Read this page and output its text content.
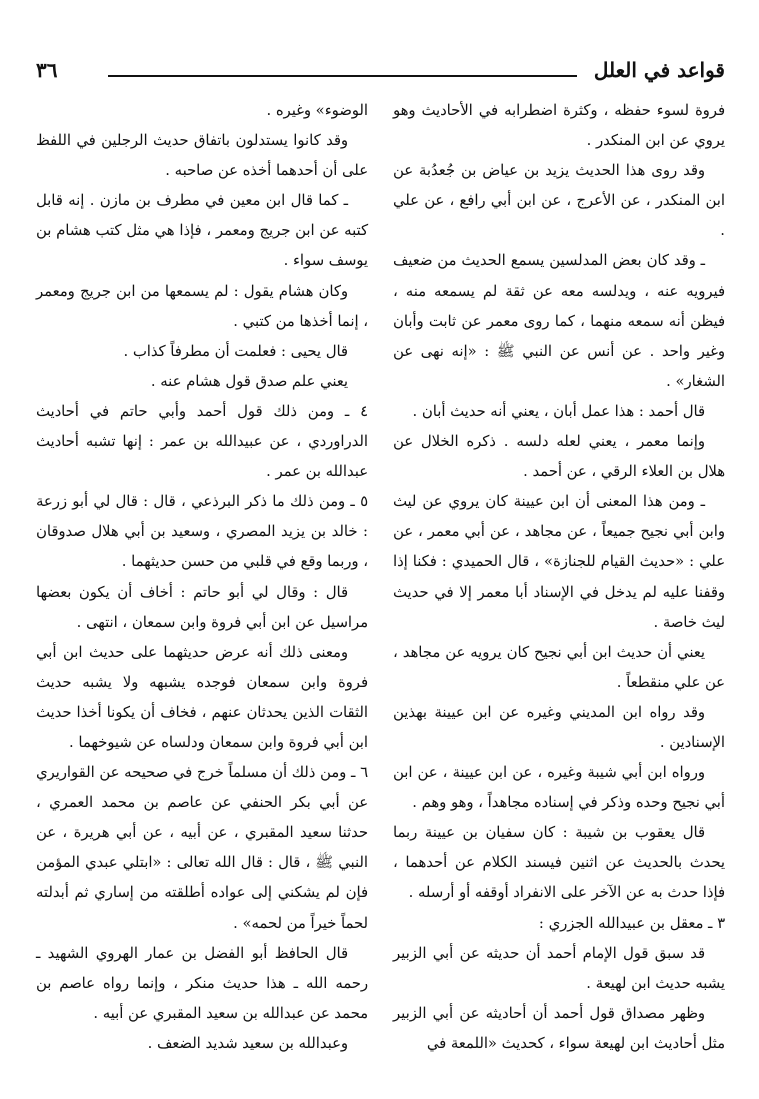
قواعد في العلل
٣٦

فروة لسوء حفظه ، وكثرة اضطرابه في الأحاديث وهو يروي عن ابن المنكدر .

وقد روى هذا الحديث يزيد بن عياض بن جُعدُبة عن ابن المنكدر ، عن الأعرج ، عن ابن أبي رافع ، عن علي .

ـ وقد كان بعض المدلسين يسمع الحديث من ضعيف فيرويه عنه ، ويدلسه معه عن ثقة لم يسمعه منه ، فيظن أنه سمعه منهما ، كما روى معمر عن ثابت وأبان وغير واحد . عن أنس عن النبي ﷺ : «إنه نهى عن الشغار» .

قال أحمد : هذا عمل أبان ، يعني أنه حديث أبان .

وإنما معمر ، يعني لعله دلسه . ذكره الخلال عن هلال بن العلاء الرقي ، عن أحمد .

ـ ومن هذا المعنى أن ابن عيينة كان يروي عن ليث وابن أبي نجيح جميعاً ، عن مجاهد ، عن أبي معمر ، عن علي : «حديث القيام للجنازة» ، قال الحميدي : فكنا إذا وقفنا عليه لم يدخل في الإسناد أبا معمر إلا في حديث ليث خاصة .

يعني أن حديث ابن أبي نجيح كان يرويه عن مجاهد ، عن علي منقطعاً .

وقد رواه ابن المديني وغيره عن ابن عيينة بهذين الإسنادين .

ورواه ابن أبي شيبة وغيره ، عن ابن عيينة ، عن ابن أبي نجيح وحده وذكر في إسناده مجاهداً ، وهو وهم .

قال يعقوب بن شيبة : كان سفيان بن عيينة ربما يحدث بالحديث عن اثنين فيسند الكلام عن أحدهما ، فإذا حدث به عن الآخر على الانفراد أوقفه أو أرسله .

٣ ـ معقل بن عبيدالله الجزري :

قد سبق قول الإمام أحمد أن حديثه عن أبي الزبير يشبه حديث ابن لهيعة .

وظهر مصداق قول أحمد أن أحاديثه عن أبي الزبير مثل أحاديث ابن لهيعة سواء ، كحديث «اللمعة في

الوضوء» وغيره .

وقد كانوا يستدلون باتفاق حديث الرجلين في اللفظ على أن أحدهما أخذه عن صاحبه .

ـ كما قال ابن معين في مطرف بن مازن . إنه قابل كتبه عن ابن جريج ومعمر ، فإذا هي مثل كتب هشام بن يوسف سواء .

وكان هشام يقول : لم يسمعها من ابن جريج ومعمر ، إنما أخذها من كتبي .

قال يحيى : فعلمت أن مطرفاً كذاب .

يعني علم صدق قول هشام عنه .

٤ ـ ومن ذلك قول أحمد وأبي حاتم في أحاديث الدراوردي ، عن عبيدالله بن عمر : إنها تشبه أحاديث عبدالله بن عمر .

٥ ـ ومن ذلك ما ذكر البرذعي ، قال : قال لي أبو زرعة : خالد بن يزيد المصري ، وسعيد بن أبي هلال صدوقان ، وربما وقع في قلبي من حسن حديثهما .

قال : وقال لي أبو حاتم : أخاف أن يكون بعضها مراسيل عن ابن أبي فروة وابن سمعان ، انتهى .

ومعنى ذلك أنه عرض حديثهما على حديث ابن أبي فروة وابن سمعان فوجده يشبهه ولا يشبه حديث الثقات الذين يحدثان عنهم ، فخاف أن يكونا أخذا حديث ابن أبي فروة وابن سمعان ودلساه عن شيوخهما .

٦ ـ ومن ذلك أن مسلماً خرج في صحيحه عن القواريري عن أبي بكر الحنفي عن عاصم بن محمد العمري ، حدثنا سعيد المقبري ، عن أبيه ، عن أبي هريرة ، عن النبي ﷺ ، قال : قال الله تعالى : «ابتلي عبدي المؤمن فإن لم يشكني إلى عواده أطلقته من إساري ثم أبدلته لحماً خيراً من لحمه» .

قال الحافظ أبو الفضل بن عمار الهروي الشهيد ـ رحمه الله ـ هذا حديث منكر ، وإنما رواه عاصم بن محمد عن عبدالله بن سعيد المقبري عن أبيه .

وعبدالله بن سعيد شديد الضعف .
